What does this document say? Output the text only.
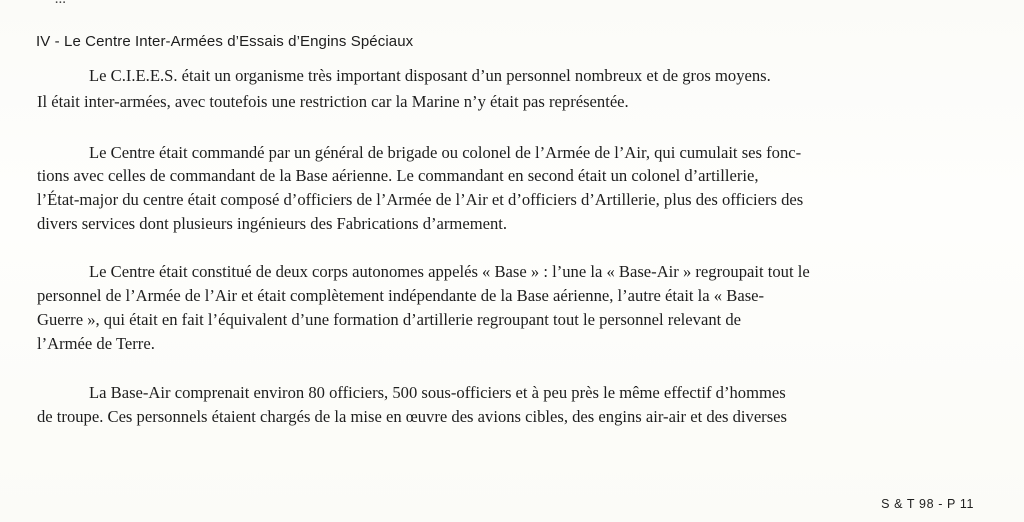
IV - Le Centre Inter-Armées d’Essais d’Engins Spéciaux
Le C.I.E.E.S. était un organisme très important disposant d’un personnel nombreux et de gros moyens.
Il était inter-armées, avec toutefois une restriction car la Marine n’y était pas représentée.
Le Centre était commandé par un général de brigade ou colonel de l’Armée de l’Air, qui cumulait ses fonc-
tions avec celles de commandant de la Base aérienne. Le commandant en second était un colonel d’artillerie,
l’État-major du centre était composé d’officiers de l’Armée de l’Air et d’officiers d’Artillerie, plus des officiers des
divers services dont plusieurs ingénieurs des Fabrications d’armement.
Le Centre était constitué de deux corps autonomes appelés « Base » : l’une la « Base-Air » regroupait tout le
personnel de l’Armée de l’Air et était complètement indépendante de la Base aérienne, l’autre était la « Base-
Guerre », qui était en fait l’équivalent d’une formation d’artillerie regroupant tout le personnel relevant de
l’Armée de Terre.
La Base-Air comprenait environ 80 officiers, 500 sous-officiers et à peu près le même effectif d’hommes
de troupe. Ces personnels étaient chargés de la mise en œuvre des avions cibles, des engins air-air et des diverses
S & T 98 - P 11
